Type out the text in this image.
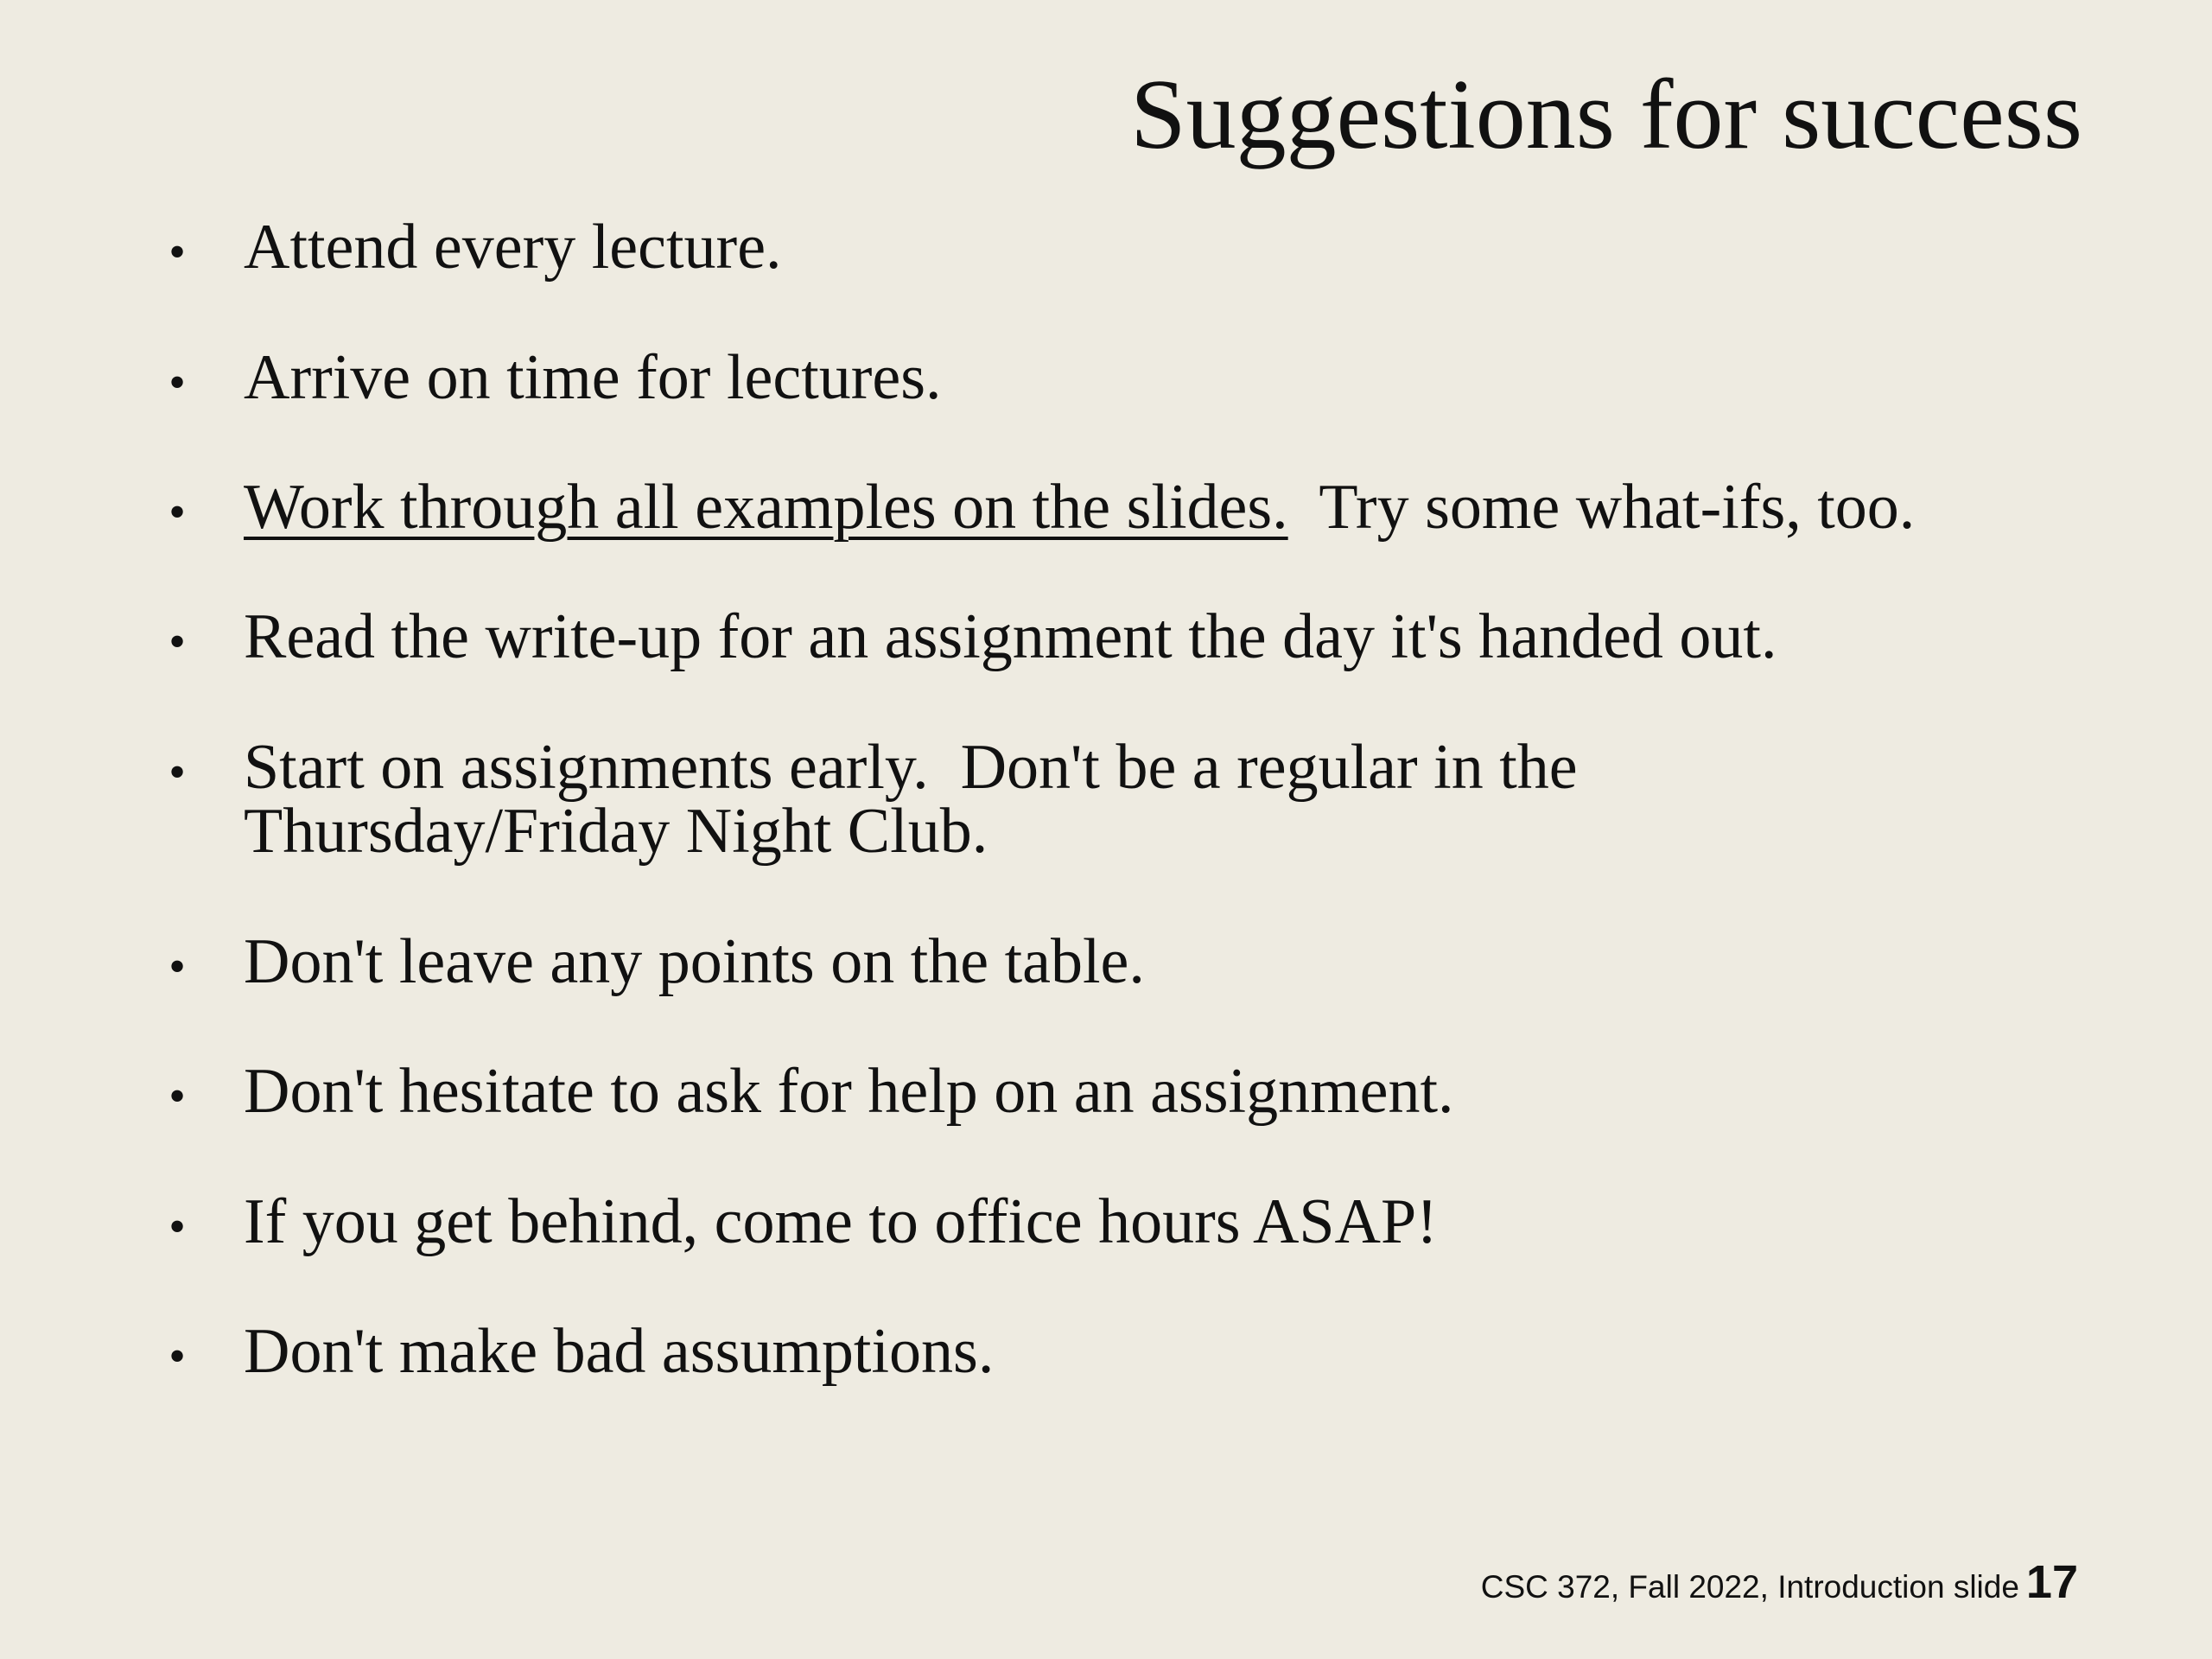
Suggestions for success
•
Attend every lecture.
•
Arrive on time for lectures.
•
Work through all examples on the slides.  Try some what-ifs, too.
•
Read the write-up for an assignment the day it's handed out.
•
Start on assignments early.  Don't be a regular in the
Thursday/Friday Night Club.
•
Don't leave any points on the table.
•
Don't hesitate to ask for help on an assignment.
•
If you get behind, come to office hours ASAP!
•
Don't make bad assumptions.
CSC 372, Fall 2022, Introduction slide 17
